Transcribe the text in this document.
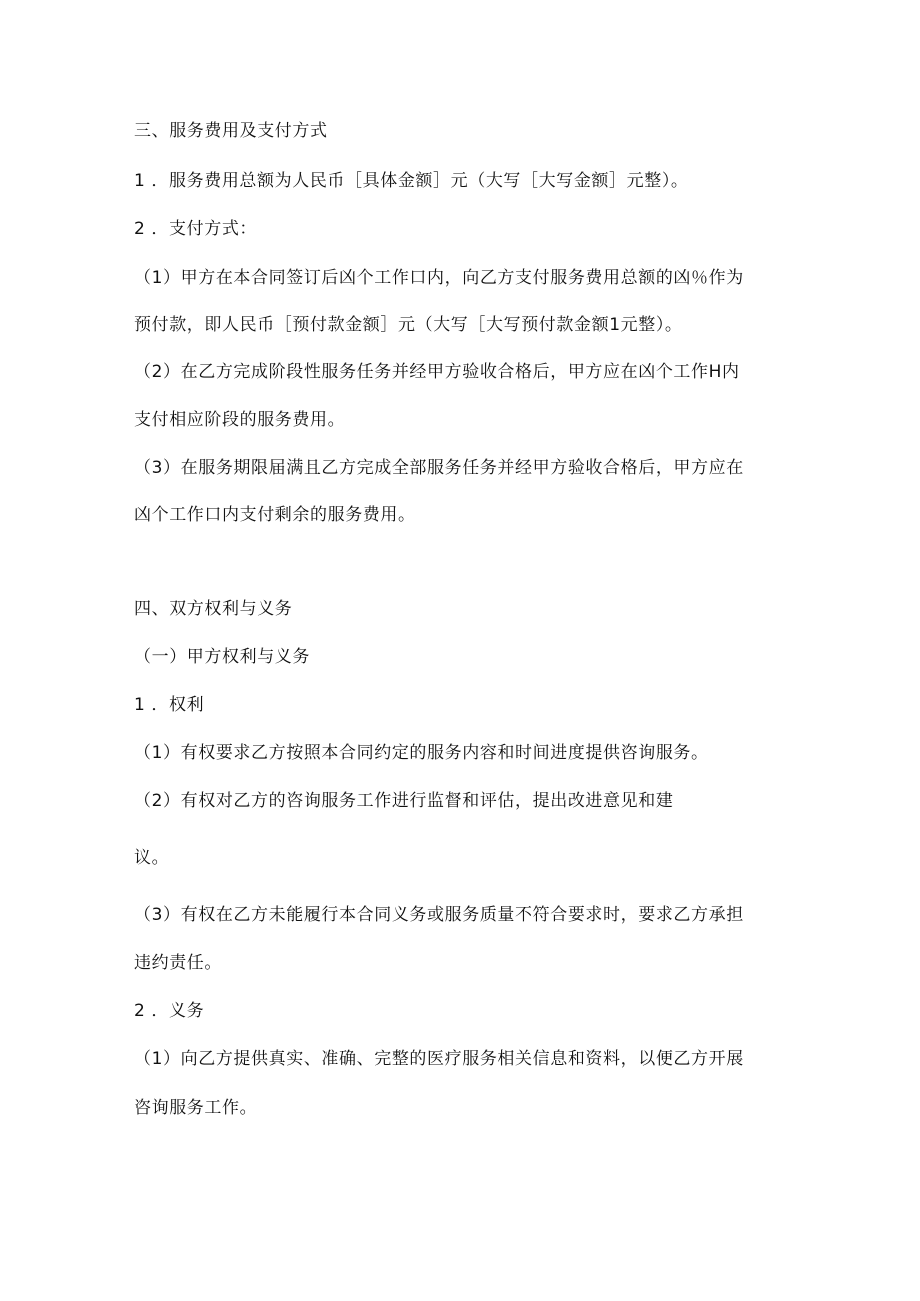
三、服务费用及支付方式
1 ．服务费用总额为人民币［具体金额］元（大写［大写金额］元整）。
2 ．支付方式：
（1）甲方在本合同签订后凶个工作口内，向乙方支付服务费用总额的凶％作为
预付款，即人民币［预付款金额］元（大写［大写预付款金额1元整）。
（2）在乙方完成阶段性服务任务并经甲方验收合格后，甲方应在凶个工作H内
支付相应阶段的服务费用。
（3）在服务期限届满且乙方完成全部服务任务并经甲方验收合格后，甲方应在
凶个工作口内支付剩余的服务费用。
四、双方权利与义务
（一）甲方权利与义务
1 ．权利
（1）有权要求乙方按照本合同约定的服务内容和时间进度提供咨询服务。
（2）有权对乙方的咨询服务工作进行监督和评估，提出改进意见和建
议。
（3）有权在乙方未能履行本合同义务或服务质量不符合要求时，要求乙方承担
违约责任。
2 ．义务
（1）向乙方提供真实、准确、完整的医疗服务相关信息和资料，以便乙方开展
咨询服务工作。
